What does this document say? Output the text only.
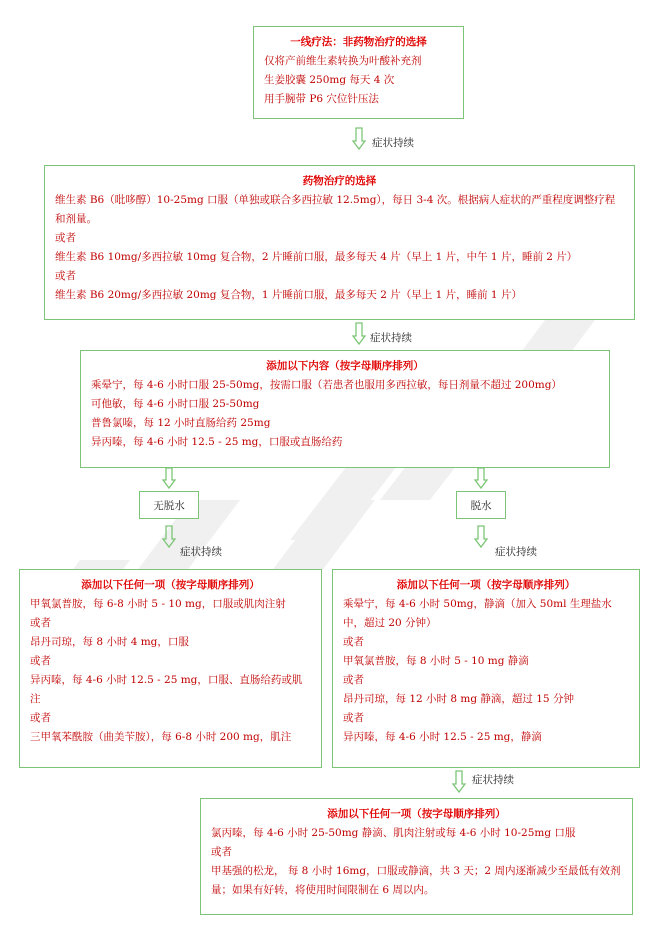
一线疗法：非药物治疗的选择
仅将产前维生素转换为叶酸补充剂
生姜胶囊 250mg 每天 4 次
用手腕带 P6 穴位针压法
症状持续
药物治疗的选择
维生素 B6（吡哆醇）10-25mg 口服（单独或联合多西拉敏 12.5mg），每日 3-4 次。根据病人症状的严重程度调整疗程和剂量。
或者
维生素 B6 10mg/多西拉敏 10mg 复合物，2 片睡前口服，最多每天 4 片（早上 1 片，中午 1 片，睡前 2 片）
或者
维生素 B6 20mg/多西拉敏 20mg 复合物，1 片睡前口服，最多每天 2 片（早上 1 片，睡前 1 片）
症状持续
添加以下内容（按字母顺序排列）
乘晕宁，每 4-6 小时口服 25-50mg，按需口服（若患者也服用多西拉敏，每日剂量不超过 200mg）
可他敏，每 4-6 小时口服 25-50mg
普鲁氯嗪，每 12 小时直肠给药 25mg
异丙嗪，每 4-6 小时 12.5 - 25 mg，口服或直肠给药
无脱水	脱水
症状持续	症状持续
添加以下任何一项（按字母顺序排列）
甲氧氯普胺，每 6-8 小时 5 - 10 mg，口服或肌肉注射
或者
昂丹司琼，每 8 小时 4 mg，口服
或者
异丙嗪，每 4-6 小时 12.5 - 25 mg，口服、直肠给药或肌注
或者
三甲氧苯酰胺（曲美苄胺），每 6-8 小时 200 mg，肌注
添加以下任何一项（按字母顺序排列）
乘晕宁，每 4-6 小时 50mg，静滴（加入 50ml 生理盐水中，超过 20 分钟）
或者
甲氧氯普胺，每 8 小时 5 - 10 mg 静滴
或者
昂丹司琼，每 12 小时 8 mg 静滴，超过 15 分钟
或者
异丙嗪，每 4-6 小时 12.5 - 25 mg，静滴
症状持续
添加以下任何一项（按字母顺序排列）
氯丙嗪，每 4-6 小时 25-50mg 静滴、肌肉注射或每 4-6 小时 10-25mg 口服
或者
甲基强的松龙， 每 8 小时 16mg，口服或静滴，共 3 天；2 周内逐渐减少至最低有效剂量；如果有好转，将使用时间限制在 6 周以内。
